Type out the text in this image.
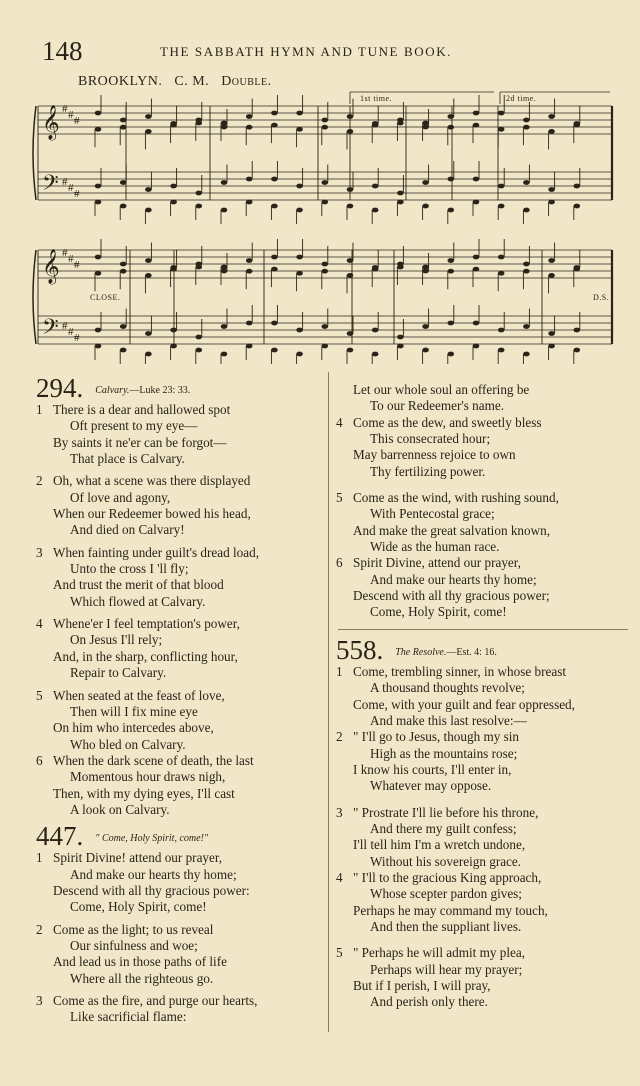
148	THE SABBATH HYMN AND TUNE BOOK.
BROOKLYN. C. M. Double.
𝄞
𝄢
#
#
#
#
#
#
𝄞
𝄢
#
#
#
#
#
#
1st time.	2d time.
CLOSE.	D.S.
294. Calvary.—Luke 23: 33.
1 There is a dear and hallowed spot
Oft present to my eye—
By saints it ne'er can be forgot—
That place is Calvary.
2 Oh, what a scene was there displayed
Of love and agony,
When our Redeemer bowed his head,
And died on Calvary!
3 When fainting under guilt's dread load,
Unto the cross I 'll fly;
And trust the merit of that blood
Which flowed at Calvary.
4 Whene'er I feel temptation's power,
On Jesus I'll rely;
And, in the sharp, conflicting hour,
Repair to Calvary.
5 When seated at the feast of love,
Then will I fix mine eye
On him who intercedes above,
Who bled on Calvary.
6 When the dark scene of death, the last
Momentous hour draws nigh,
Then, with my dying eyes, I'll cast
A look on Calvary.
447. " Come, Holy Spirit, come!"
1 Spirit Divine! attend our prayer,
And make our hearts thy home;
Descend with all thy gracious power:
Come, Holy Spirit, come!
2 Come as the light; to us reveal
Our sinfulness and woe;
And lead us in those paths of life
Where all the righteous go.
3 Come as the fire, and purge our hearts,
Like sacrificial flame:
Let our whole soul an offering be
To our Redeemer's name.
4 Come as the dew, and sweetly bless
This consecrated hour;
May barrenness rejoice to own
Thy fertilizing power.
5 Come as the wind, with rushing sound,
With Pentecostal grace;
And make the great salvation known,
Wide as the human race.
6 Spirit Divine, attend our prayer,
And make our hearts thy home;
Descend with all thy gracious power;
Come, Holy Spirit, come!
558. The Resolve.—Est. 4: 16.
1 Come, trembling sinner, in whose breast
A thousand thoughts revolve;
Come, with your guilt and fear oppressed,
And make this last resolve:—
2 " I'll go to Jesus, though my sin
High as the mountains rose;
I know his courts, I'll enter in,
Whatever may oppose.
3 " Prostrate I'll lie before his throne,
And there my guilt confess;
I'll tell him I'm a wretch undone,
Without his sovereign grace.
4 " I'll to the gracious King approach,
Whose scepter pardon gives;
Perhaps he may command my touch,
And then the suppliant lives.
5 " Perhaps he will admit my plea,
Perhaps will hear my prayer;
But if I perish, I will pray,
And perish only there.
